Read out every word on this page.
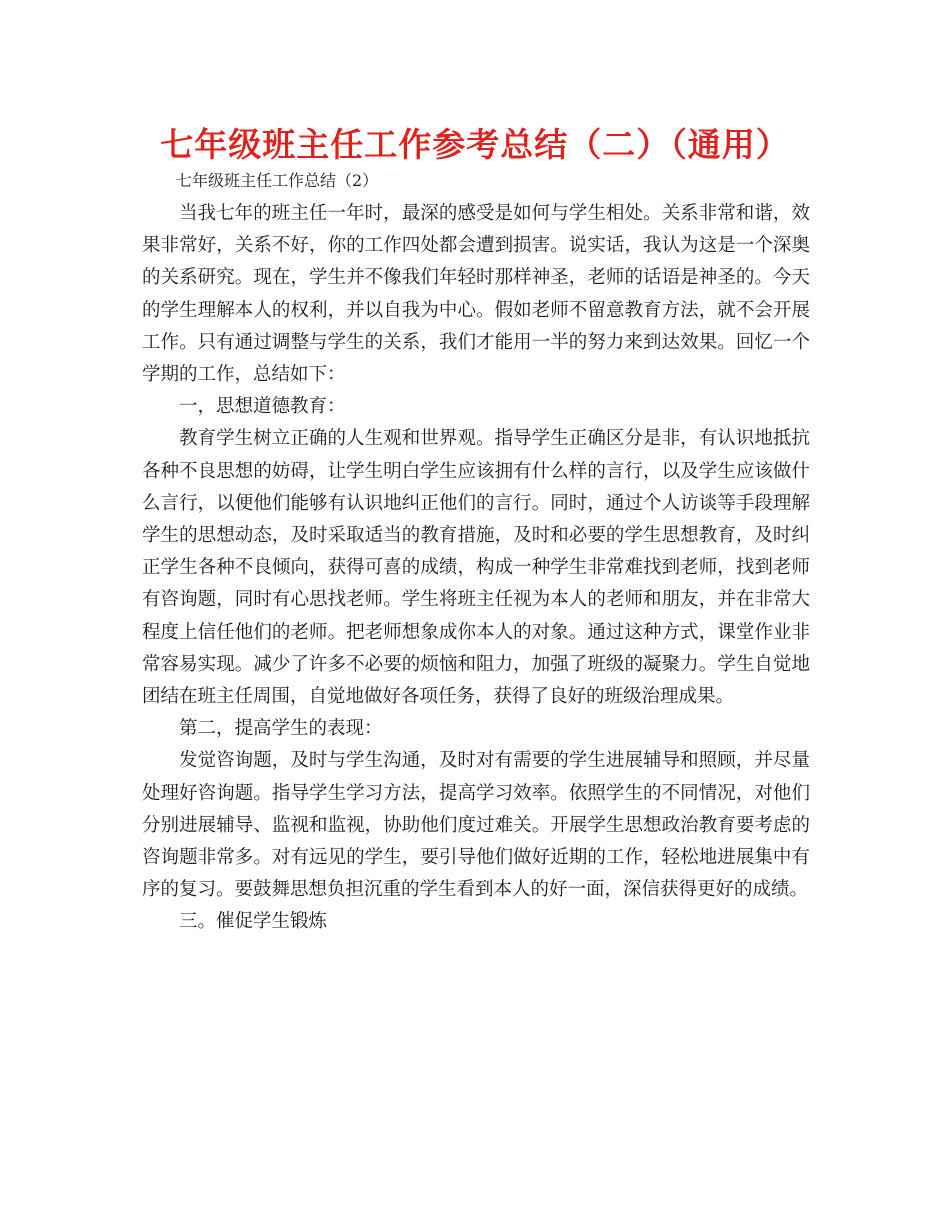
七年级班主任工作参考总结（二）（通用）

七年级班主任工作总结（2）

当我七年的班主任一年时，最深的感受是如何与学生相处。关系非常和谐，效果非常好，关系不好，你的工作四处都会遭到损害。说实话，我认为这是一个深奥的关系研究。现在，学生并不像我们年轻时那样神圣，老师的话语是神圣的。今天的学生理解本人的权利，并以自我为中心。假如老师不留意教育方法，就不会开展工作。只有通过调整与学生的关系，我们才能用一半的努力来到达效果。回忆一个学期的工作，总结如下：

一，思想道德教育：

教育学生树立正确的人生观和世界观。指导学生正确区分是非，有认识地抵抗各种不良思想的妨碍，让学生明白学生应该拥有什么样的言行，以及学生应该做什么言行，以便他们能够有认识地纠正他们的言行。同时，通过个人访谈等手段理解学生的思想动态，及时采取适当的教育措施，及时和必要的学生思想教育，及时纠正学生各种不良倾向，获得可喜的成绩，构成一种学生非常难找到老师，找到老师有咨询题，同时有心思找老师。学生将班主任视为本人的老师和朋友，并在非常大程度上信任他们的老师。把老师想象成你本人的对象。通过这种方式，课堂作业非常容易实现。减少了许多不必要的烦恼和阻力，加强了班级的凝聚力。学生自觉地团结在班主任周围，自觉地做好各项任务，获得了良好的班级治理成果。

第二，提高学生的表现：

发觉咨询题，及时与学生沟通，及时对有需要的学生进展辅导和照顾，并尽量处理好咨询题。指导学生学习方法，提高学习效率。依照学生的不同情况，对他们分别进展辅导、监视和监视，协助他们度过难关。开展学生思想政治教育要考虑的咨询题非常多。对有远见的学生，要引导他们做好近期的工作，轻松地进展集中有序的复习。要鼓舞思想负担沉重的学生看到本人的好一面，深信获得更好的成绩。

三。催促学生锻炼
